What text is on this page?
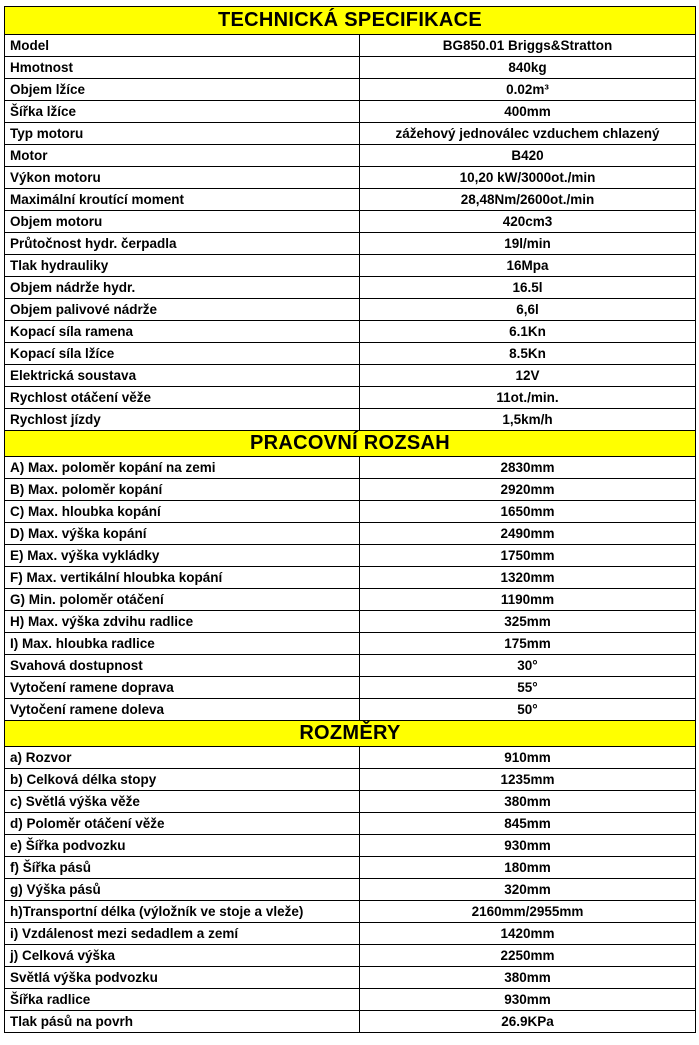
TECHNICKÁ SPECIFIKACE	
Model	BG850.01 Briggs&Stratton
Hmotnost	840kg
Objem lžíce	0.02m³
Šířka lžíce	400mm
Typ motoru	zážehový jednoválec vzduchem chlazený
Motor	B420
Výkon motoru	10,20 kW/3000ot./min
Maximální kroutící moment	28,48Nm/2600ot./min
Objem motoru	420cm3
Průtočnost hydr. čerpadla	19l/min
Tlak hydrauliky	16Mpa
Objem nádrže hydr.	16.5l
Objem palivové nádrže	6,6l
Kopací síla ramena	6.1Kn
Kopací síla lžíce	8.5Kn
Elektrická soustava	12V
Rychlost otáčení věže	11ot./min.
Rychlost jízdy	1,5km/h
PRACOVNÍ ROZSAH	
A) Max. poloměr kopání na zemi	2830mm
B) Max. poloměr kopání	2920mm
C) Max. hloubka kopání	1650mm
D) Max. výška kopání	2490mm
E) Max. výška vykládky	1750mm
F) Max. vertikální hloubka kopání	1320mm
G) Min. poloměr otáčení	1190mm
H) Max. výška zdvihu radlice	325mm
I) Max. hloubka radlice	175mm
Svahová dostupnost	30°
Vytočení ramene doprava	55°
Vytočení ramene doleva	50°
ROZMĚRY	
a) Rozvor	910mm
b) Celková délka stopy	1235mm
c) Světlá výška věže	380mm
d) Poloměr otáčení věže	845mm
e) Šířka podvozku	930mm
f) Šířka pásů	180mm
g) Výška pásů	320mm
h)Transportní délka (výložník ve stoje a vleže)	2160mm/2955mm
i) Vzdálenost mezi sedadlem a zemí	1420mm
j) Celková výška	2250mm
Světlá výška podvozku	380mm
Šířka radlice	930mm
Tlak pásů na povrh	26.9KPa
